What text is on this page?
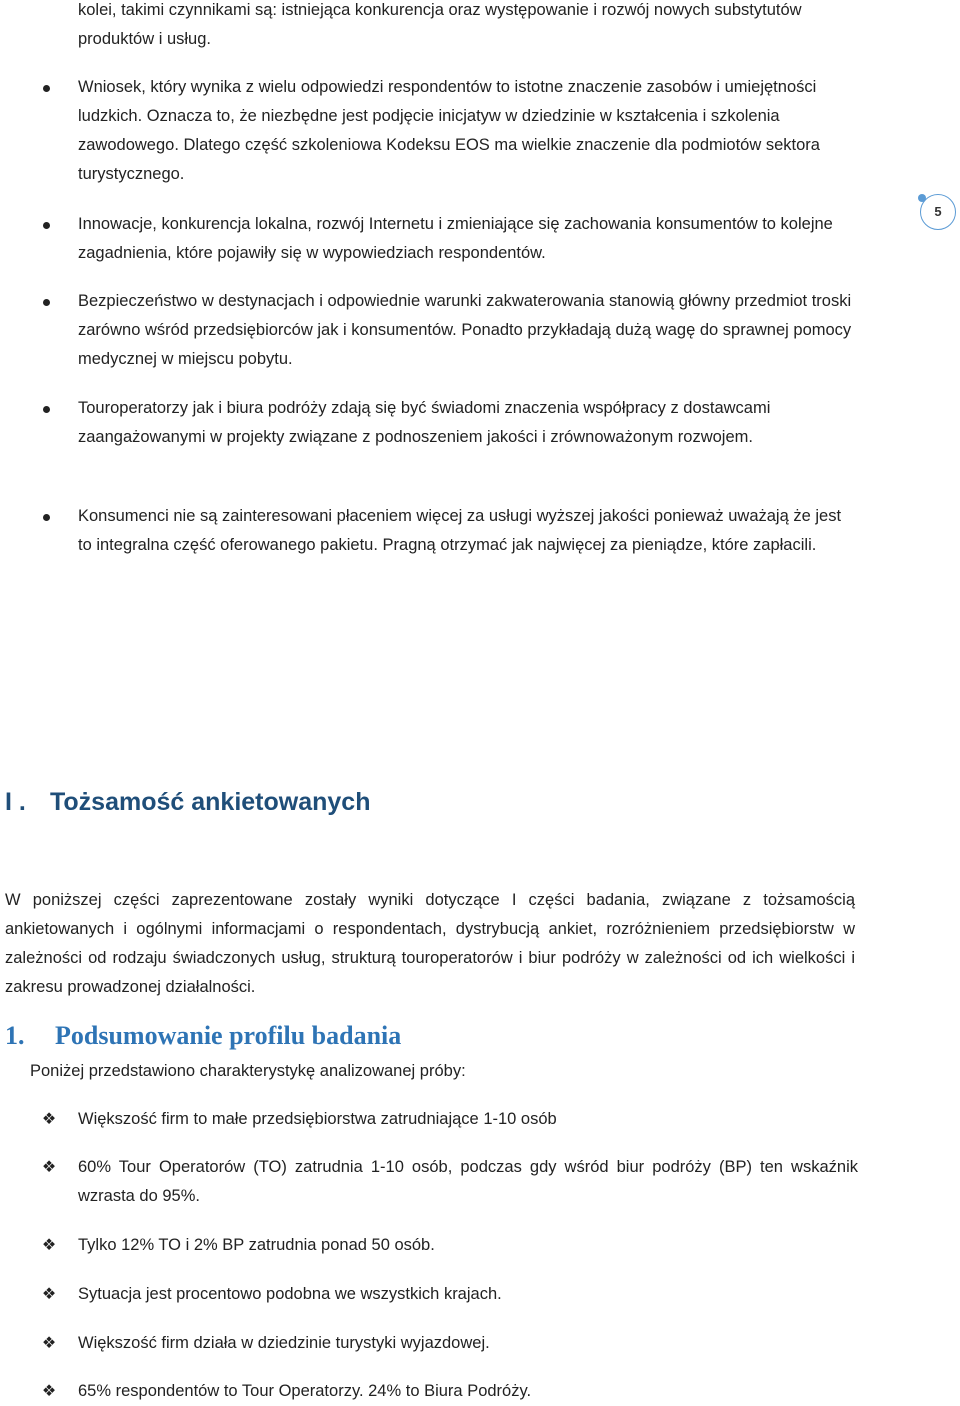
kolei, takimi czynnikami są: istniejąca konkurencja oraz występowanie i rozwój nowych substytutów produktów i usług.

5

Wniosek, który wynika z wielu odpowiedzi respondentów to istotne znaczenie zasobów i umiejętności ludzkich. Oznacza to, że niezbędne jest podjęcie inicjatyw w dziedzinie w kształcenia i szkolenia zawodowego. Dlatego część szkoleniowa Kodeksu EOS ma wielkie znaczenie dla podmiotów sektora turystycznego.

Innowacje, konkurencja lokalna, rozwój Internetu i zmieniające się zachowania konsumentów to kolejne zagadnienia, które pojawiły się w wypowiedziach respondentów.

Bezpieczeństwo w destynacjach i odpowiednie warunki zakwaterowania stanowią główny przedmiot troski zarówno wśród przedsiębiorców jak i konsumentów. Ponadto przykładają dużą wagę do sprawnej pomocy medycznej w miejscu pobytu.

Touroperatorzy jak i biura podróży zdają się być świadomi znaczenia współpracy z dostawcami zaangażowanymi w projekty związane z podnoszeniem jakości i zrównoważonym rozwojem.

Konsumenci nie są zainteresowani płaceniem więcej za usługi wyższej jakości ponieważ uważają że jest to integralna część oferowanego pakietu. Pragną otrzymać jak najwięcej za pieniądze, które zapłacili.

I . Tożsamość ankietowanych

W poniższej części zaprezentowane zostały wyniki dotyczące I części badania, związane z tożsamością ankietowanych i ogólnymi informacjami o respondentach, dystrybucją ankiet, rozróżnieniem przedsiębiorstw w zależności od rodzaju świadczonych usług, strukturą touroperatorów i biur podróży w zależności od ich wielkości i zakresu prowadzonej działalności.

1. Podsumowanie profilu badania

Poniżej przedstawiono charakterystykę analizowanej próby:

❖ Większość firm to małe przedsiębiorstwa zatrudniające 1-10 osób

❖ 60% Tour Operatorów (TO) zatrudnia 1-10 osób, podczas gdy wśród biur podróży (BP) ten wskaźnik wzrasta do 95%.

❖ Tylko 12% TO i 2% BP zatrudnia ponad 50 osób.

❖ Sytuacja jest procentowo podobna we wszystkich krajach.

❖ Większość firm działa w dziedzinie turystyki wyjazdowej.

❖ 65% respondentów to Tour Operatorzy. 24% to Biura Podróży.
